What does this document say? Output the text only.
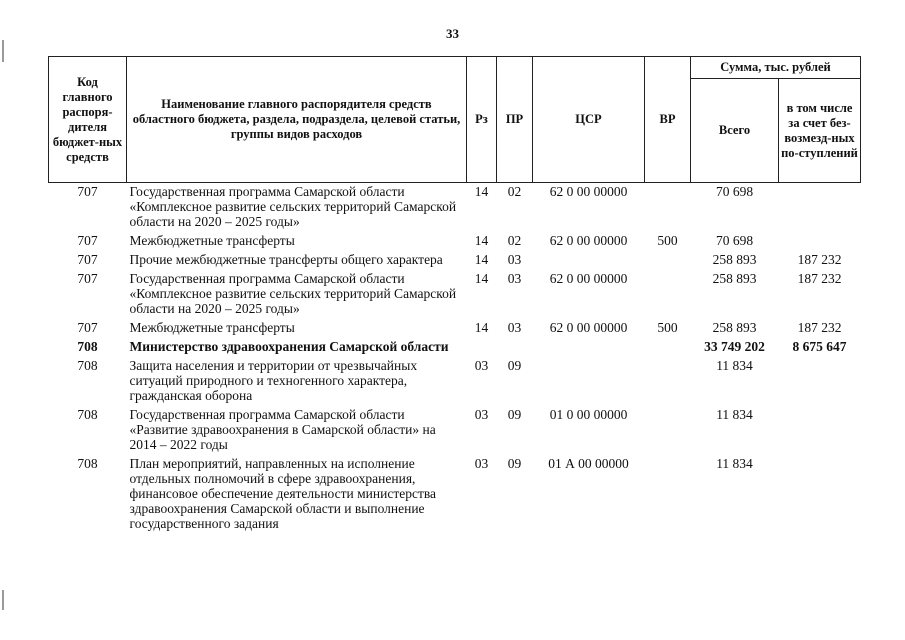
33
Код главного распоря-дителя бюджет-ных средств	Наименование главного распорядителя средств областного бюджета, раздела, подраздела, целевой статьи, группы видов расходов	Рз	ПР	ЦСР	ВР	Сумма, тыс. рублей	
						Всего	в том числе за счет без-возмезд-ных по-ступлений
707	Государственная программа Самарской области «Комплексное развитие сельских территорий Самарской области на 2020 – 2025 годы»	14	02	62 0 00 00000		70 698	
707	Межбюджетные трансферты	14	02	62 0 00 00000	500	70 698	
707	Прочие межбюджетные трансферты общего характера	14	03			258 893	187 232
707	Государственная программа Самарской области «Комплексное развитие сельских территорий Самарской области на 2020 – 2025 годы»	14	03	62 0 00 00000		258 893	187 232
707	Межбюджетные трансферты	14	03	62 0 00 00000	500	258 893	187 232
708	Министерство здравоохранения Самарской области					33 749 202	8 675 647
708	Защита населения и территории от чрезвычайных ситуаций природного и техногенного характера, гражданская оборона	03	09			11 834	
708	Государственная программа Самарской области «Развитие здравоохранения в Самарской области» на 2014 – 2022 годы	03	09	01 0 00 00000		11 834	
708	План мероприятий, направленных на исполнение отдельных полномочий в сфере здравоохранения, финансовое обеспечение деятельности министерства здравоохранения Самарской области и выполнение государственного задания	03	09	01 А 00 00000		11 834	
